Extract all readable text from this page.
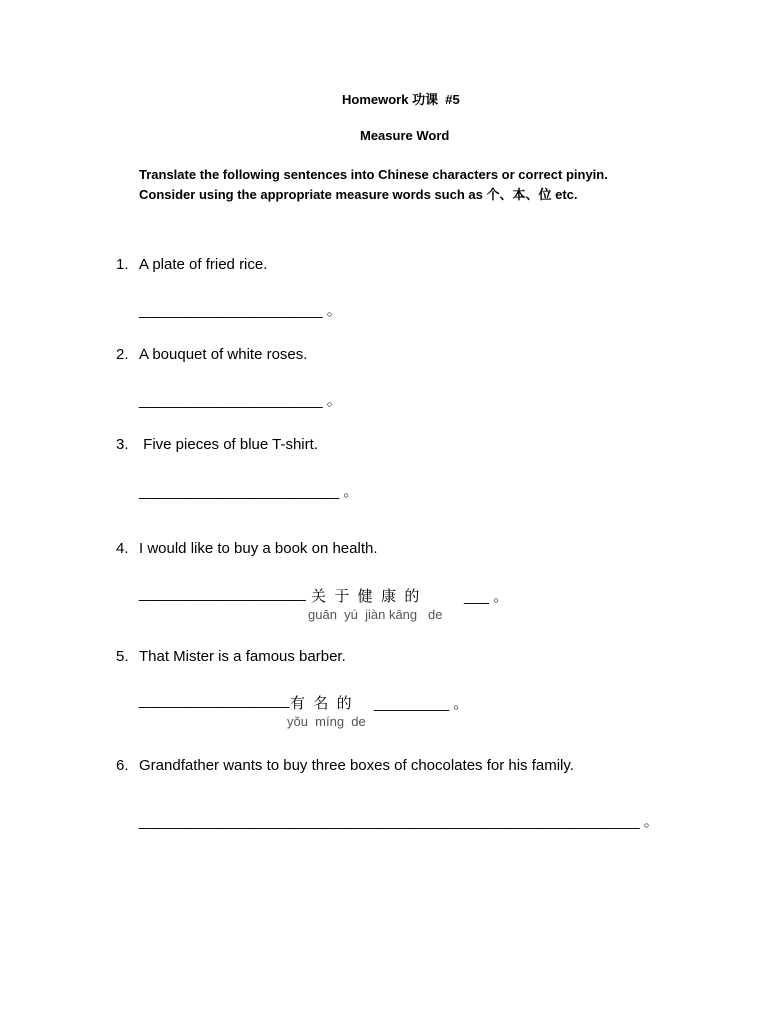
Homework 功课  #5
Measure Word
Translate the following sentences into Chinese characters or correct pinyin.
Consider using the appropriate measure words such as 个、本、位 etc.
1. A plate of fried rice.
______________________ 。
2. A bouquet of white roses.
______________________ 。
3. Five pieces of blue T-shirt.
________________________ 。
4. I would like to buy a book on health.
____________________ 关  于  健  康  的	___ 。
guān  yú  jiàn kāng   de
5. That Mister is a famous barber.
__________________ 有  名  的 _________ 。
yǒu  míng  de
6. Grandfather wants to buy three boxes of chocolates for his family.
____________________________________________________________ 。
